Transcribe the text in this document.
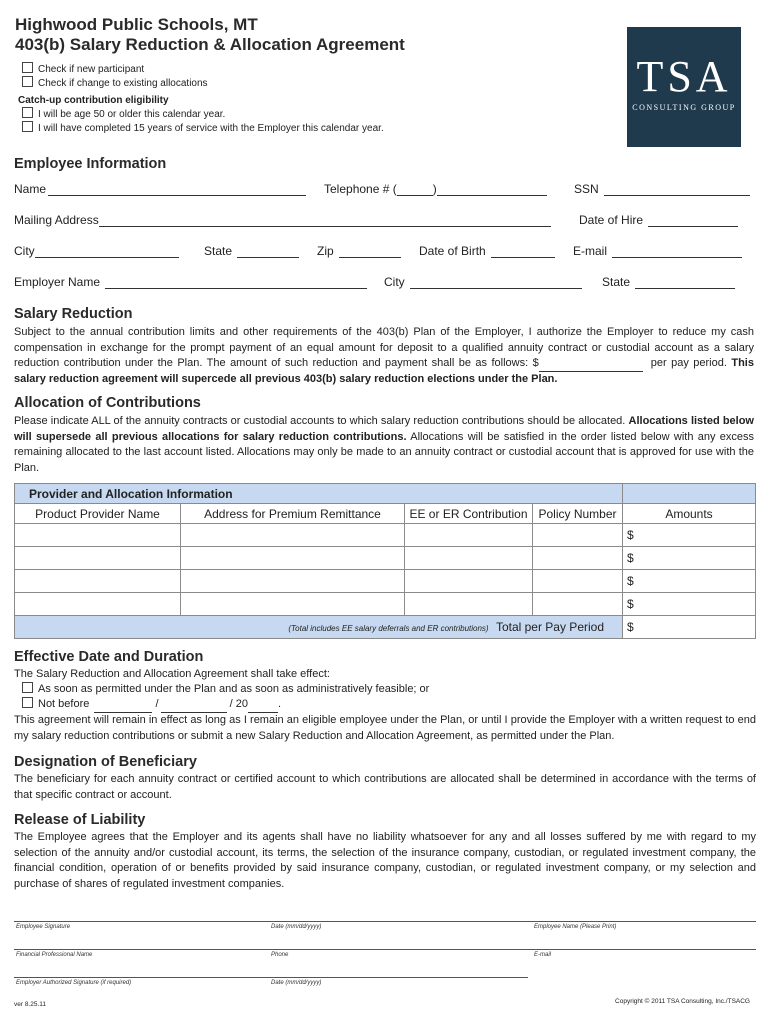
Highwood Public Schools, MT
403(b) Salary Reduction & Allocation Agreement
Check if new participant
Check if change to existing allocations
Catch-up contribution eligibility
I will be age 50 or older this calendar year.
I will have completed 15 years of service with the Employer this calendar year.
TSA
CONSULTING GROUP
Employee Information
Name	Telephone # (	)	SSN
Mailing Address	Date of Hire
City	State	Zip	Date of Birth	E-mail
Employer Name	City	State
Salary Reduction
Subject to the annual contribution limits and other requirements of the 403(b) Plan of the Employer, I authorize the Employer to reduce my cash compensation in exchange for the prompt payment of an equal amount for deposit to a qualified annuity contract or custodial account as a salary reduction contribution under the Plan. The amount of such reduction and payment shall be as follows: $	per pay period. This salary reduction agreement will supercede all previous 403(b) salary reduction elections under the Plan.
Allocation of Contributions
Please indicate ALL of the annuity contracts or custodial accounts to which salary reduction contributions should be allocated. Allocations listed below will supersede all previous allocations for salary reduction contributions. Allocations will be satisfied in the order listed below with any excess remaining allocated to the last account listed. Allocations may only be made to an annuity contract or custodial account that is approved for use with the Plan.
Provider and Allocation Information				
Product Provider Name	Address for Premium Remittance	EE or ER Contribution	Policy Number	Amounts
				$
				$
				$
				$
(Total includes EE salary deferrals and ER contributions) Total per Pay Period				$
Effective Date and Duration
The Salary Reduction and Allocation Agreement shall take effect:
As soon as permitted under the Plan and as soon as administratively feasible; or
Not before	/	/ 20	.
This agreement will remain in effect as long as I remain an eligible employee under the Plan, or until I provide the Employer with a written request to end my salary reduction contributions or submit a new Salary Reduction and Allocation Agreement, as permitted under the Plan.
Designation of Beneficiary
The beneficiary for each annuity contract or certified account to which contributions are allocated shall be determined in accordance with the terms of that specific contract or account.
Release of Liability
The Employee agrees that the Employer and its agents shall have no liability whatsoever for any and all losses suffered by me with regard to my selection of the annuity and/or custodial account, its terms, the selection of the insurance company, custodian, or regulated investment company, the financial condition, operation of or benefits provided by said insurance company, custodian, or regulated investment company, or my selection and purchase of shares of regulated investment companies.
Employee Signature	Date (mm/dd/yyyy)	Employee Name (Please Print)
Financial Professional Name	Phone	E-mail
Employer Authorized Signature (if required)	Date (mm/dd/yyyy)
ver 8.25.11	Copyright © 2011 TSA Consulting, Inc./TSACG
